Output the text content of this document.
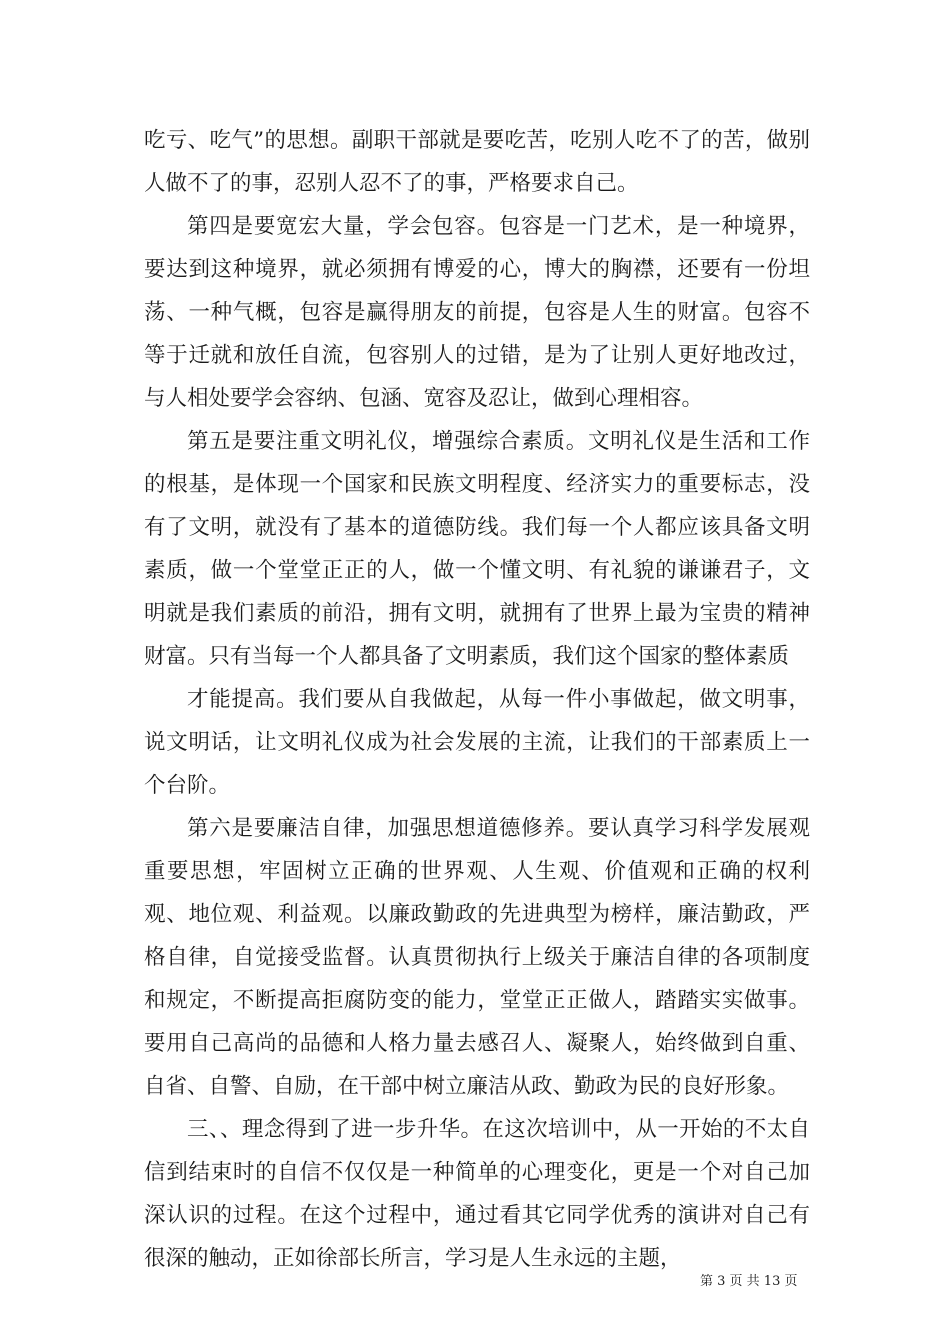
吃亏、吃气”的思想。副职干部就是要吃苦，吃别人吃不了的苦，做别人做不了的事，忍别人忍不了的事，严格要求自己。

第四是要宽宏大量，学会包容。包容是一门艺术，是一种境界，要达到这种境界，就必须拥有博爱的心，博大的胸襟，还要有一份坦荡、一种气概，包容是赢得朋友的前提，包容是人生的财富。包容不等于迁就和放任自流，包容别人的过错，是为了让别人更好地改过，与人相处要学会容纳、包涵、宽容及忍让，做到心理相容。

第五是要注重文明礼仪，增强综合素质。文明礼仪是生活和工作的根基，是体现一个国家和民族文明程度、经济实力的重要标志，没有了文明，就没有了基本的道德防线。我们每一个人都应该具备文明素质，做一个堂堂正正的人，做一个懂文明、有礼貌的谦谦君子，文明就是我们素质的前沿，拥有文明，就拥有了世界上最为宝贵的精神财富。只有当每一个人都具备了文明素质，我们这个国家的整体素质

才能提高。我们要从自我做起，从每一件小事做起，做文明事，说文明话，让文明礼仪成为社会发展的主流，让我们的干部素质上一个台阶。

第六是要廉洁自律，加强思想道德修养。要认真学习科学发展观重要思想，牢固树立正确的世界观、人生观、价值观和正确的权利观、地位观、利益观。以廉政勤政的先进典型为榜样，廉洁勤政，严格自律，自觉接受监督。认真贯彻执行上级关于廉洁自律的各项制度和规定，不断提高拒腐防变的能力，堂堂正正做人，踏踏实实做事。要用自己高尚的品德和人格力量去感召人、凝聚人，始终做到自重、自省、自警、自励，在干部中树立廉洁从政、勤政为民的良好形象。

三、、理念得到了进一步升华。在这次培训中，从一开始的不太自信到结束时的自信不仅仅是一种简单的心理变化，更是一个对自己加深认识的过程。在这个过程中，通过看其它同学优秀的演讲对自己有很深的触动，正如徐部长所言，学习是人生永远的主题，

第 3 页 共 13 页
